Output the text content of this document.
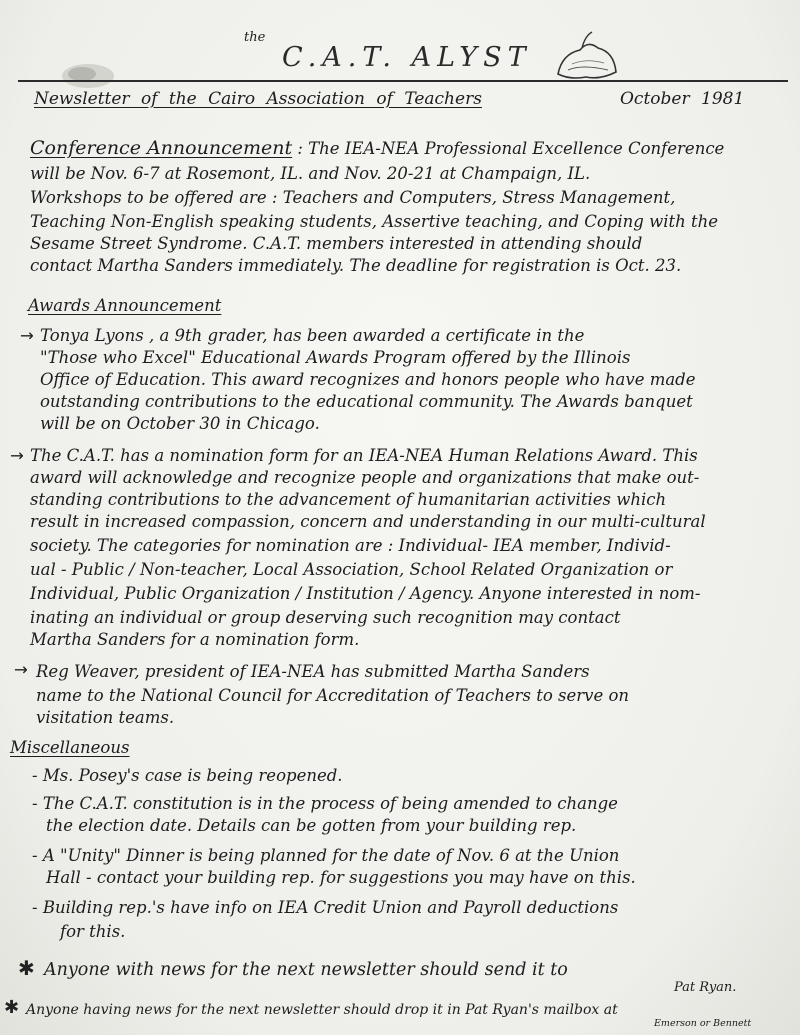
the
C.A.T. ALYST
Newsletter of the Cairo Association of Teachers	October 1981
Conference Announcement : The IEA-NEA Professional Excellence Conference
will be Nov. 6-7 at Rosemont, IL. and Nov. 20-21 at Champaign, IL.
Workshops to be offered are : Teachers and Computers, Stress Management,
Teaching Non-English speaking students, Assertive teaching, and Coping with the
Sesame Street Syndrome. C.A.T. members interested in attending should
contact Martha Sanders immediately. The deadline for registration is Oct. 23.
Awards Announcement
→ Tonya Lyons , a 9th grader, has been awarded a certificate in the
"Those who Excel" Educational Awards Program offered by the Illinois
Office of Education. This award recognizes and honors people who have made
outstanding contributions to the educational community. The Awards banquet
will be on October 30 in Chicago.
→ The C.A.T. has a nomination form for an IEA-NEA Human Relations Award. This
award will acknowledge and recognize people and organizations that make out-
standing contributions to the advancement of humanitarian activities which
result in increased compassion, concern and understanding in our multi-cultural
society. The categories for nomination are : Individual- IEA member, Individ-
ual - Public / Non-teacher, Local Association, School Related Organization or
Individual, Public Organization / Institution / Agency. Anyone interested in nom-
inating an individual or group deserving such recognition may contact
Martha Sanders for a nomination form.
→ Reg Weaver, president of IEA-NEA has submitted Martha Sanders
name to the National Council for Accreditation of Teachers to serve on
visitation teams.
Miscellaneous
- Ms. Posey's case is being reopened.
- The C.A.T. constitution is in the process of being amended to change
the election date. Details can be gotten from your building rep.
- A "Unity" Dinner is being planned for the date of Nov. 6 at the Union
Hall - contact your building rep. for suggestions you may have on this.
- Building rep.'s have info on IEA Credit Union and Payroll deductions
for this.
✱ Anyone with news for the next newsletter should send it to
Pat Ryan.
✱ Anyone having news for the next newsletter should drop it in Pat Ryan's mailbox at
Emerson or Bennett
